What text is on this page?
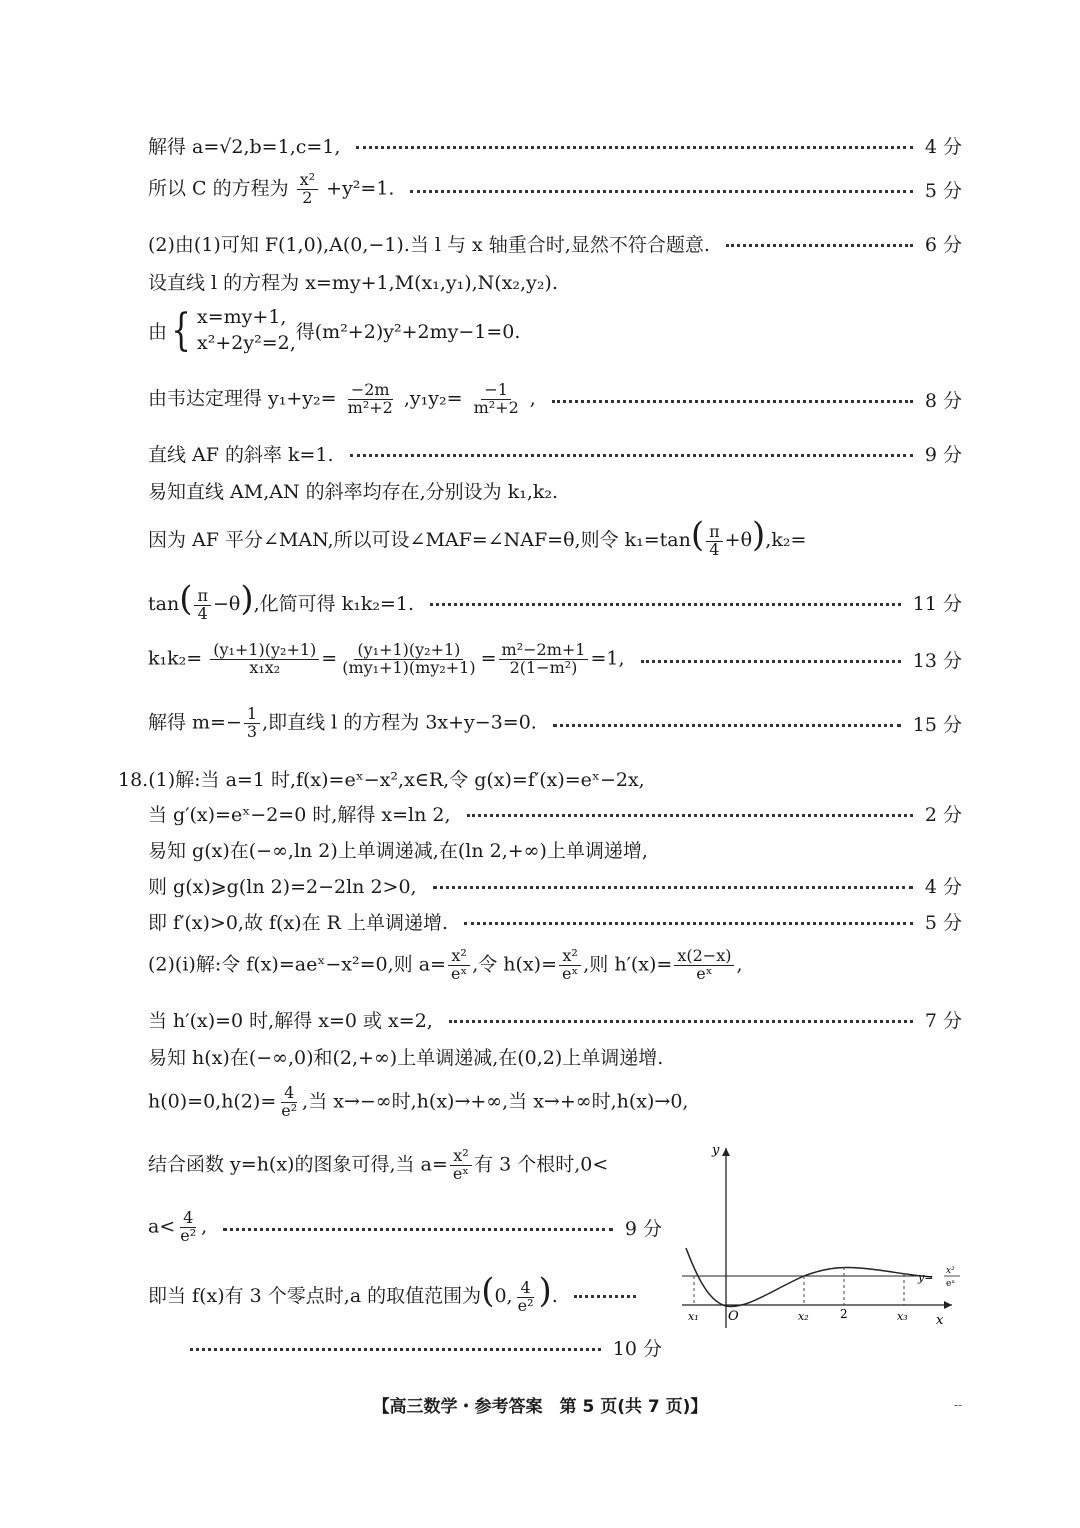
解得 a=√2,b=1,c=1,	4 分
所以 C 的方程为 $\frac{\text{x²}}{2} +y^2=1$.	5 分
(2)由(1)可知 F(1,0),A(0,−1).当 l 与 x 轴重合时,显然不符合题意.	6 分
设直线 l 的方程为 x=my+1,M(x₁,y₁),N(x₂,y₂).
由 { x=my+1,
x²+2y²=2, 得(m²+2)y²+2my−1=0.
由韦达定理得 $y_1+y_2= \frac{-2m}{\text{m²+2}} ,y_1y_2= \frac{-1}{\text{m²+2}}$ ,	8 分
直线 AF 的斜率 k=1.	9 分
易知直线 AM,AN 的斜率均存在,分别设为 k₁,k₂.
因为 AF 平分∠MAN,所以可设∠MAF=∠NAF=θ,则令 $k_1=\tan( \frac{\pi}{4} +\theta),k_2=$
$\tan( \frac{\pi}{4} -\theta)$,化简可得 k₁k₂=1.	11 分
$k_1k_2= \frac{\text{(y₁+1)(y₂+1)}}{\text{x₁x₂}} = \frac{\text{(y₁+1)(y₂+1)}}{\text{(my₁+1)(my₂+1)}} = \frac{\text{m²−2m+1}}{\text{2(1−m²)}} =1$,	13 分
解得 $m=- \frac{1}{3}$ ,即直线 l 的方程为 3x+y−3=0.	15 分
18.(1)解:当 a=1 时,f(x)=eˣ−x²,x∈R,令 g(x)=f′(x)=eˣ−2x,
当 g′(x)=eˣ−2=0 时,解得 x=ln 2,	2 分
易知 g(x)在(−∞,ln 2)上单调递减,在(ln 2,+∞)上单调递增,
则 g(x)⩾g(ln 2)=2−2ln 2>0,	4 分
即 f′(x)>0,故 f(x)在 R 上单调递增.	5 分
(2)(ⅰ)解:令 f(x)=aeˣ−x²=0,则 $a= \frac{\text{x²}}{\text{eˣ}}$ ,令 $h(x)= \frac{\text{x²}}{\text{eˣ}}$ ,则 $h'(x)= \frac{x(2-x)}{\text{eˣ}}$ ,
当 h′(x)=0 时,解得 x=0 或 x=2,	7 分
易知 h(x)在(−∞,0)和(2,+∞)上单调递减,在(0,2)上单调递增.
$h(0)=0,h(2)= \frac{4}{\text{e²}}$ ,当 x→−∞时,h(x)→+∞,当 x→+∞时,h(x)→0,
结合函数 y=h(x)的图象可得,当 $a= \frac{\text{x²}}{\text{eˣ}}$ 有 3 个根时,0<
$a< \frac{4}{\text{e²}}$ ,	9 分
即当 f(x)有 3 个零点时,a 的取值范围为(0, $\frac{4}{\text{e²}}$ ).
10 分
y
x
O
x₁	x₂	2	x₃
y= x²
eˣ
【高三数学・参考答案　第 5 页(共 7 页)】	--
